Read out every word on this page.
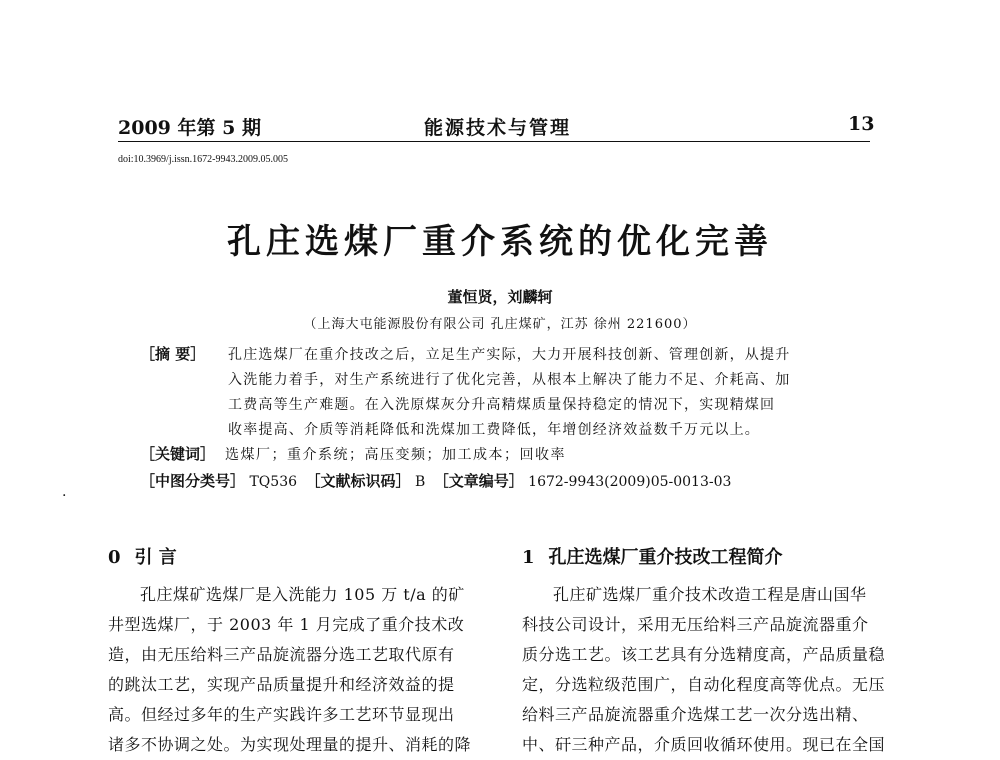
2009 年第 5 期	能源技术与管理	13
doi:10.3969/j.issn.1672-9943.2009.05.005
孔庄选煤厂重介系统的优化完善
董恒贤，刘麟轲
（上海大屯能源股份有限公司 孔庄煤矿，江苏 徐州 221600）
［摘 要］ 孔庄选煤厂在重介技改之后，立足生产实际，大力开展科技创新、管理创新，从提升
入洗能力着手，对生产系统进行了优化完善，从根本上解决了能力不足、介耗高、加
工费高等生产难题。在入洗原煤灰分升高精煤质量保持稳定的情况下，实现精煤回
收率提高、介质等消耗降低和洗煤加工费降低，年增创经济效益数千万元以上。
［关键词］ 选煤厂；重介系统；高压变频；加工成本；回收率
［中图分类号］ TQ536 ［文献标识码］ B ［文章编号］ 1672-9943(2009)05-0013-03
.
0 引 言
孔庄煤矿选煤厂是入洗能力 105 万 t/a 的矿
井型选煤厂，于 2003 年 1 月完成了重介技术改
造，由无压给料三产品旋流器分选工艺取代原有
的跳汰工艺，实现产品质量提升和经济效益的提
高。但经过多年的生产实践许多工艺环节显现出
诸多不协调之处。为实现处理量的提升、消耗的降
1 孔庄选煤厂重介技改工程简介
孔庄矿选煤厂重介技术改造工程是唐山国华
科技公司设计，采用无压给料三产品旋流器重介
质分选工艺。该工艺具有分选精度高，产品质量稳
定，分选粒级范围广，自动化程度高等优点。无压
给料三产品旋流器重介选煤工艺一次分选出精、
中、矸三种产品，介质回收循环使用。现已在全国
